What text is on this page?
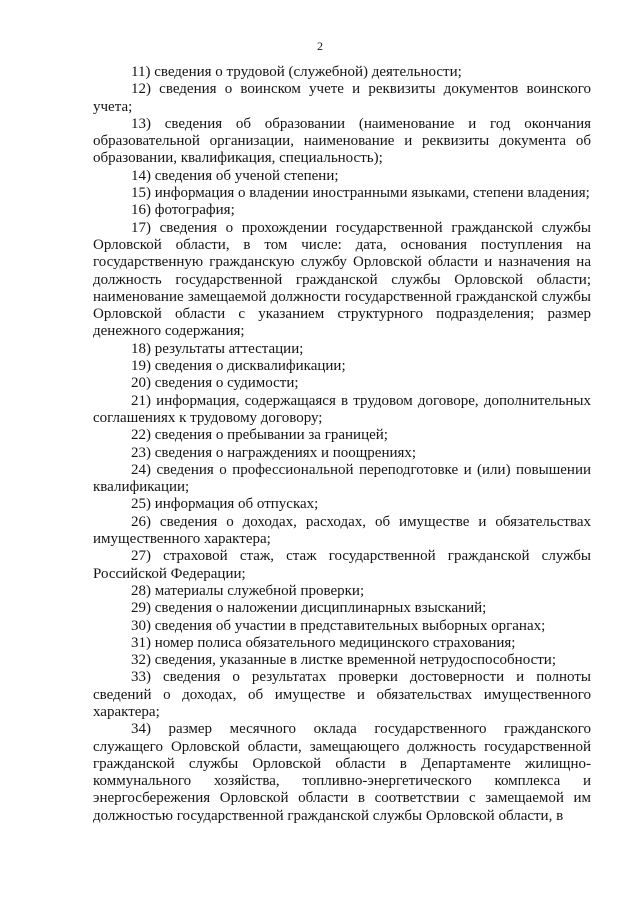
2

11) сведения о трудовой (служебной) деятельности;

12) сведения о воинском учете и реквизиты документов воинского учета;

13) сведения об образовании (наименование и год окончания образовательной организации, наименование и реквизиты документа об образовании, квалификация, специальность);

14) сведения об ученой степени;

15) информация о владении иностранными языками, степени владения;

16) фотография;

17) сведения о прохождении государственной гражданской службы Орловской области, в том числе: дата, основания поступления на государственную гражданскую службу Орловской области и назначения на должность государственной гражданской службы Орловской области; наименование замещаемой должности государственной гражданской службы Орловской области с указанием структурного подразделения; размер денежного содержания;

18) результаты аттестации;

19) сведения о дисквалификации;

20) сведения о судимости;

21) информация, содержащаяся в трудовом договоре, дополнительных соглашениях к трудовому договору;

22) сведения о пребывании за границей;

23) сведения о награждениях и поощрениях;

24) сведения о профессиональной переподготовке и (или) повышении квалификации;

25) информация об отпусках;

26) сведения о доходах, расходах, об имуществе и обязательствах имущественного характера;

27) страховой стаж, стаж государственной гражданской службы Российской Федерации;

28) материалы служебной проверки;

29) сведения о наложении дисциплинарных взысканий;

30) сведения об участии в представительных выборных органах;

31) номер полиса обязательного медицинского страхования;

32) сведения, указанные в листке временной нетрудоспособности;

33) сведения о результатах проверки достоверности и полноты сведений о доходах, об имуществе и обязательствах имущественного характера;

34) размер месячного оклада государственного гражданского служащего Орловской области, замещающего должность государственной гражданской службы Орловской области в Департаменте жилищно-коммунального хозяйства, топливно-энергетического комплекса и энергосбережения Орловской области в соответствии с замещаемой им должностью государственной гражданской службы Орловской области, в
